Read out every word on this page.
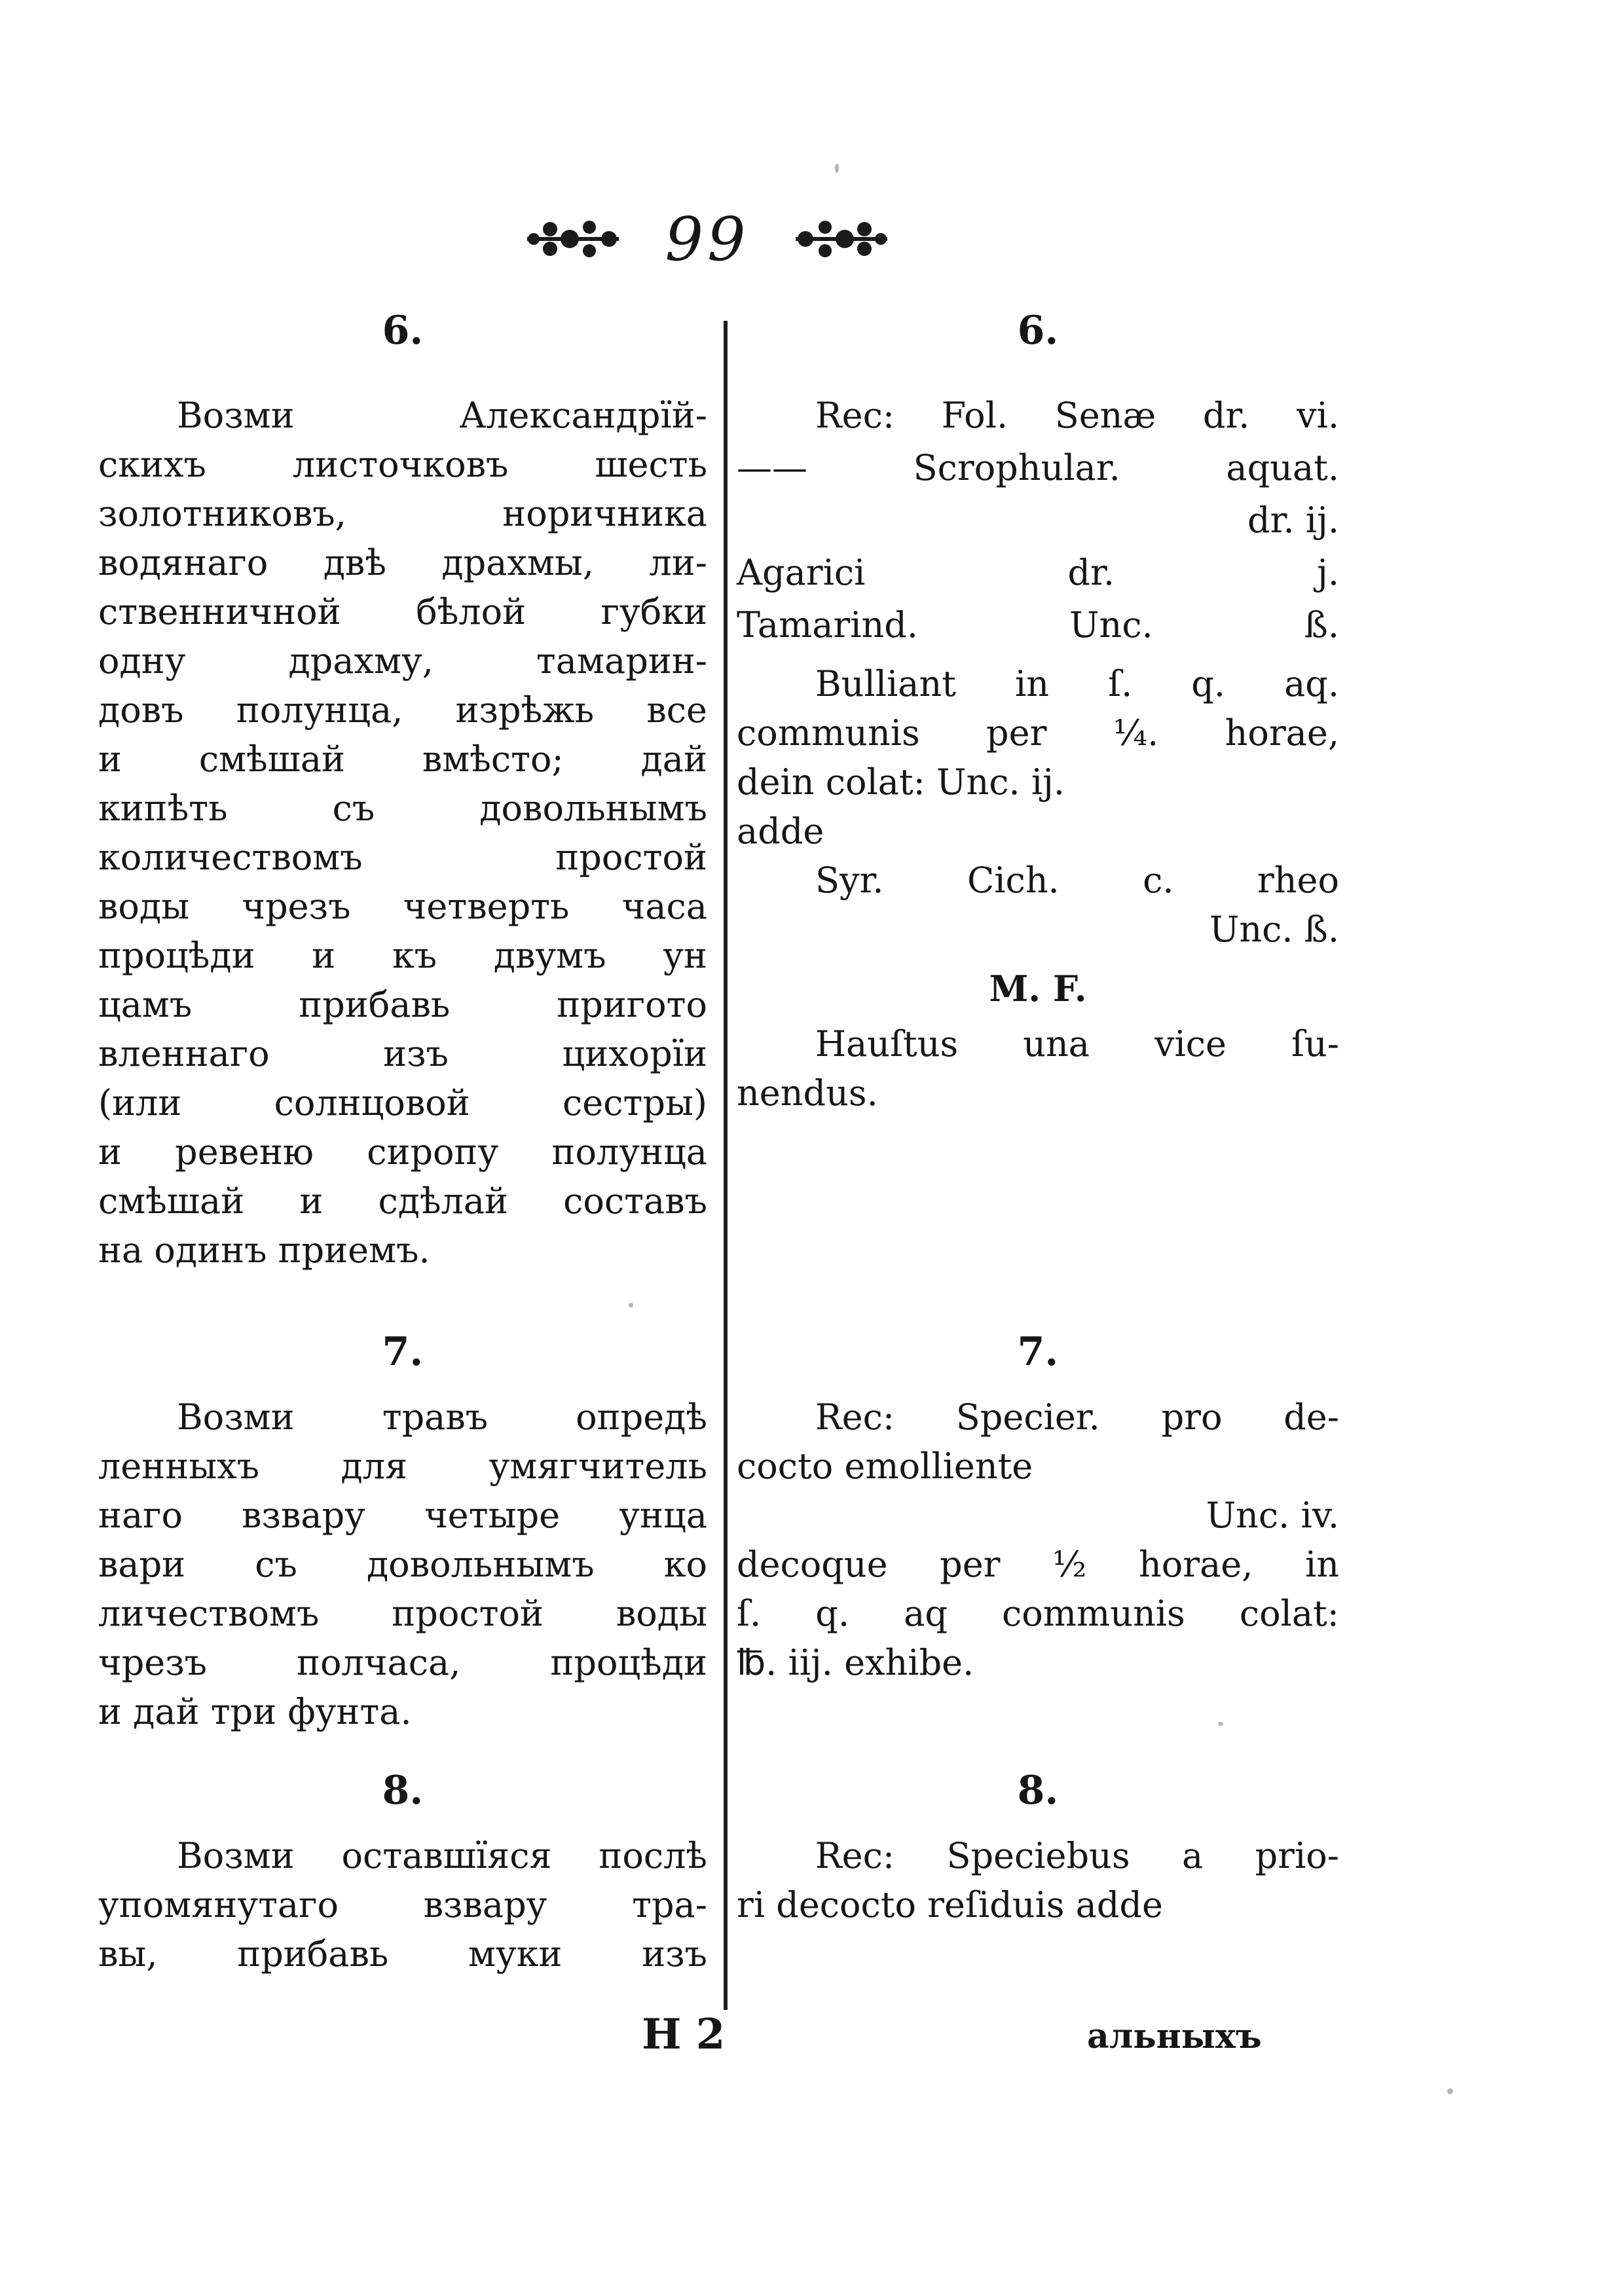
99
6.
Возми Александрїй-
скихъ листочковъ шесть
золотниковъ, норичника
водянаго двѣ драхмы, ли-
ственничной бѣлой губки
одну драхму, тамарин-
довъ полунца, изрѣжь все
и смѣшай вмѣсто; дай
кипѣть съ довольнымъ
количествомъ простой
воды чрезъ четверть часа
процѣди и къ двумъ ун
цамъ прибавь пригото
вленнаго изъ цихорїи
(или солнцовой сестры)
и ревеню сиропу полунца
смѣшай и сдѣлай составъ
на одинъ приемъ.
7.
Возми травъ опредѣ
ленныхъ для умягчитель
наго взвару четыре унца
вари съ довольнымъ ко
личествомъ простой воды
чрезъ полчаса, процѣди
и дай три фунта.
8.
Возми оставшїяся послѣ
упомянутаго взвару тра-
вы, прибавь муки изъ
6.
Rec: Fol. Senæ dr. vi.
—— Scrophular. aquat.
dr. ij.
Agarici dr. j.
Tamarind. Unc. ß.
Bulliant in ſ. q. aq.
communis per ¼. horae,
dein colat: Unc. ij.
adde
Syr. Cich. c. rheo
Unc. ß.
M. F.
Hauſtus una vice ſu-
nendus.
7.
Rec: Specier. pro de-
cocto emolliente
Unc. iv.
decoque per ½ horae, in
ſ. q. aq communis colat:
℔. iij. exhibe.
8.
Rec: Speciebus a prio-
ri decocto reſiduis adde
Н 2	альныхъ
